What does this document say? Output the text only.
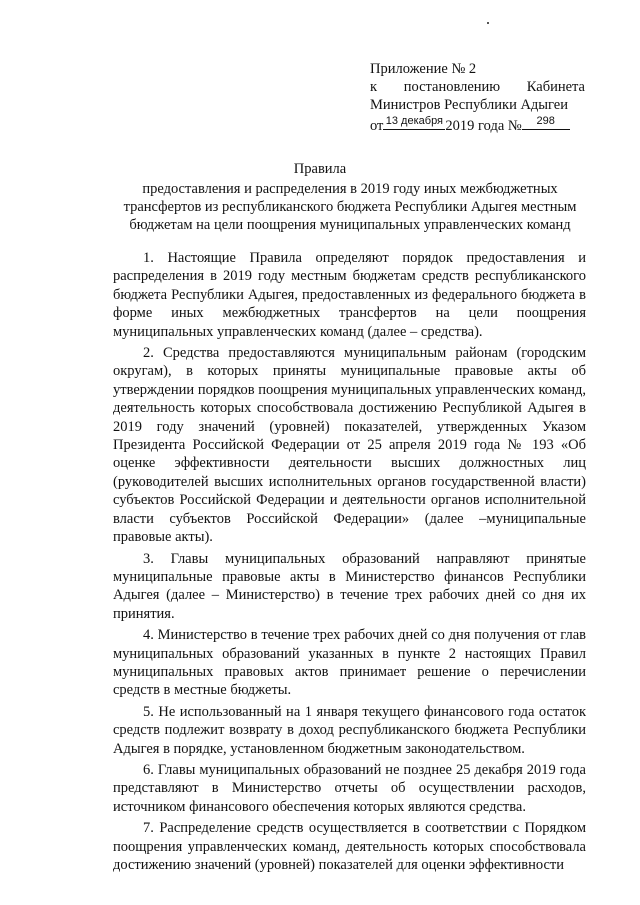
Приложение № 2
к постановлению Кабинета
Министров Республики Адыгеи
от 13 декабря 2019 года №	298
Правила
предоставления и распределения в 2019 году иных межбюджетных трансфертов из республиканского бюджета Республики Адыгея местным бюджетам на цели поощрения муниципальных управленческих команд

1. Настоящие Правила определяют порядок предоставления и распределения в 2019 году местным бюджетам средств республиканского бюджета Республики Адыгея, предоставленных из федерального бюджета в форме иных межбюджетных трансфертов на цели поощрения муниципальных управленческих команд (далее – средства).

2. Средства предоставляются муниципальным районам (городским округам), в которых приняты муниципальные правовые акты об утверждении порядков поощрения муниципальных управленческих команд, деятельность которых способствовала достижению Республикой Адыгея в 2019 году значений (уровней) показателей, утвержденных Указом Президента Российской Федерации от 25 апреля 2019 года № 193 «Об оценке эффективности деятельности высших должностных лиц (руководителей высших исполнительных органов государственной власти) субъектов Российской Федерации и деятельности органов исполнительной власти субъектов Российской Федерации» (далее –муниципальные правовые акты).

3. Главы муниципальных образований направляют принятые муниципальные правовые акты в Министерство финансов Республики Адыгея (далее – Министерство) в течение трех рабочих дней со дня их принятия.

4. Министерство в течение трех рабочих дней со дня получения от глав муниципальных образований указанных в пункте 2 настоящих Правил муниципальных правовых актов принимает решение о перечислении средств в местные бюджеты.

5. Не использованный на 1 января текущего финансового года остаток средств подлежит возврату в доход республиканского бюджета Республики Адыгея в порядке, установленном бюджетным законодательством.

6. Главы муниципальных образований не позднее 25 декабря 2019 года представляют в Министерство отчеты об осуществлении расходов, источником финансового обеспечения которых являются средства.

7. Распределение средств осуществляется в соответствии с Порядком поощрения управленческих команд, деятельность которых способствовала достижению значений (уровней) показателей для оценки эффективности
